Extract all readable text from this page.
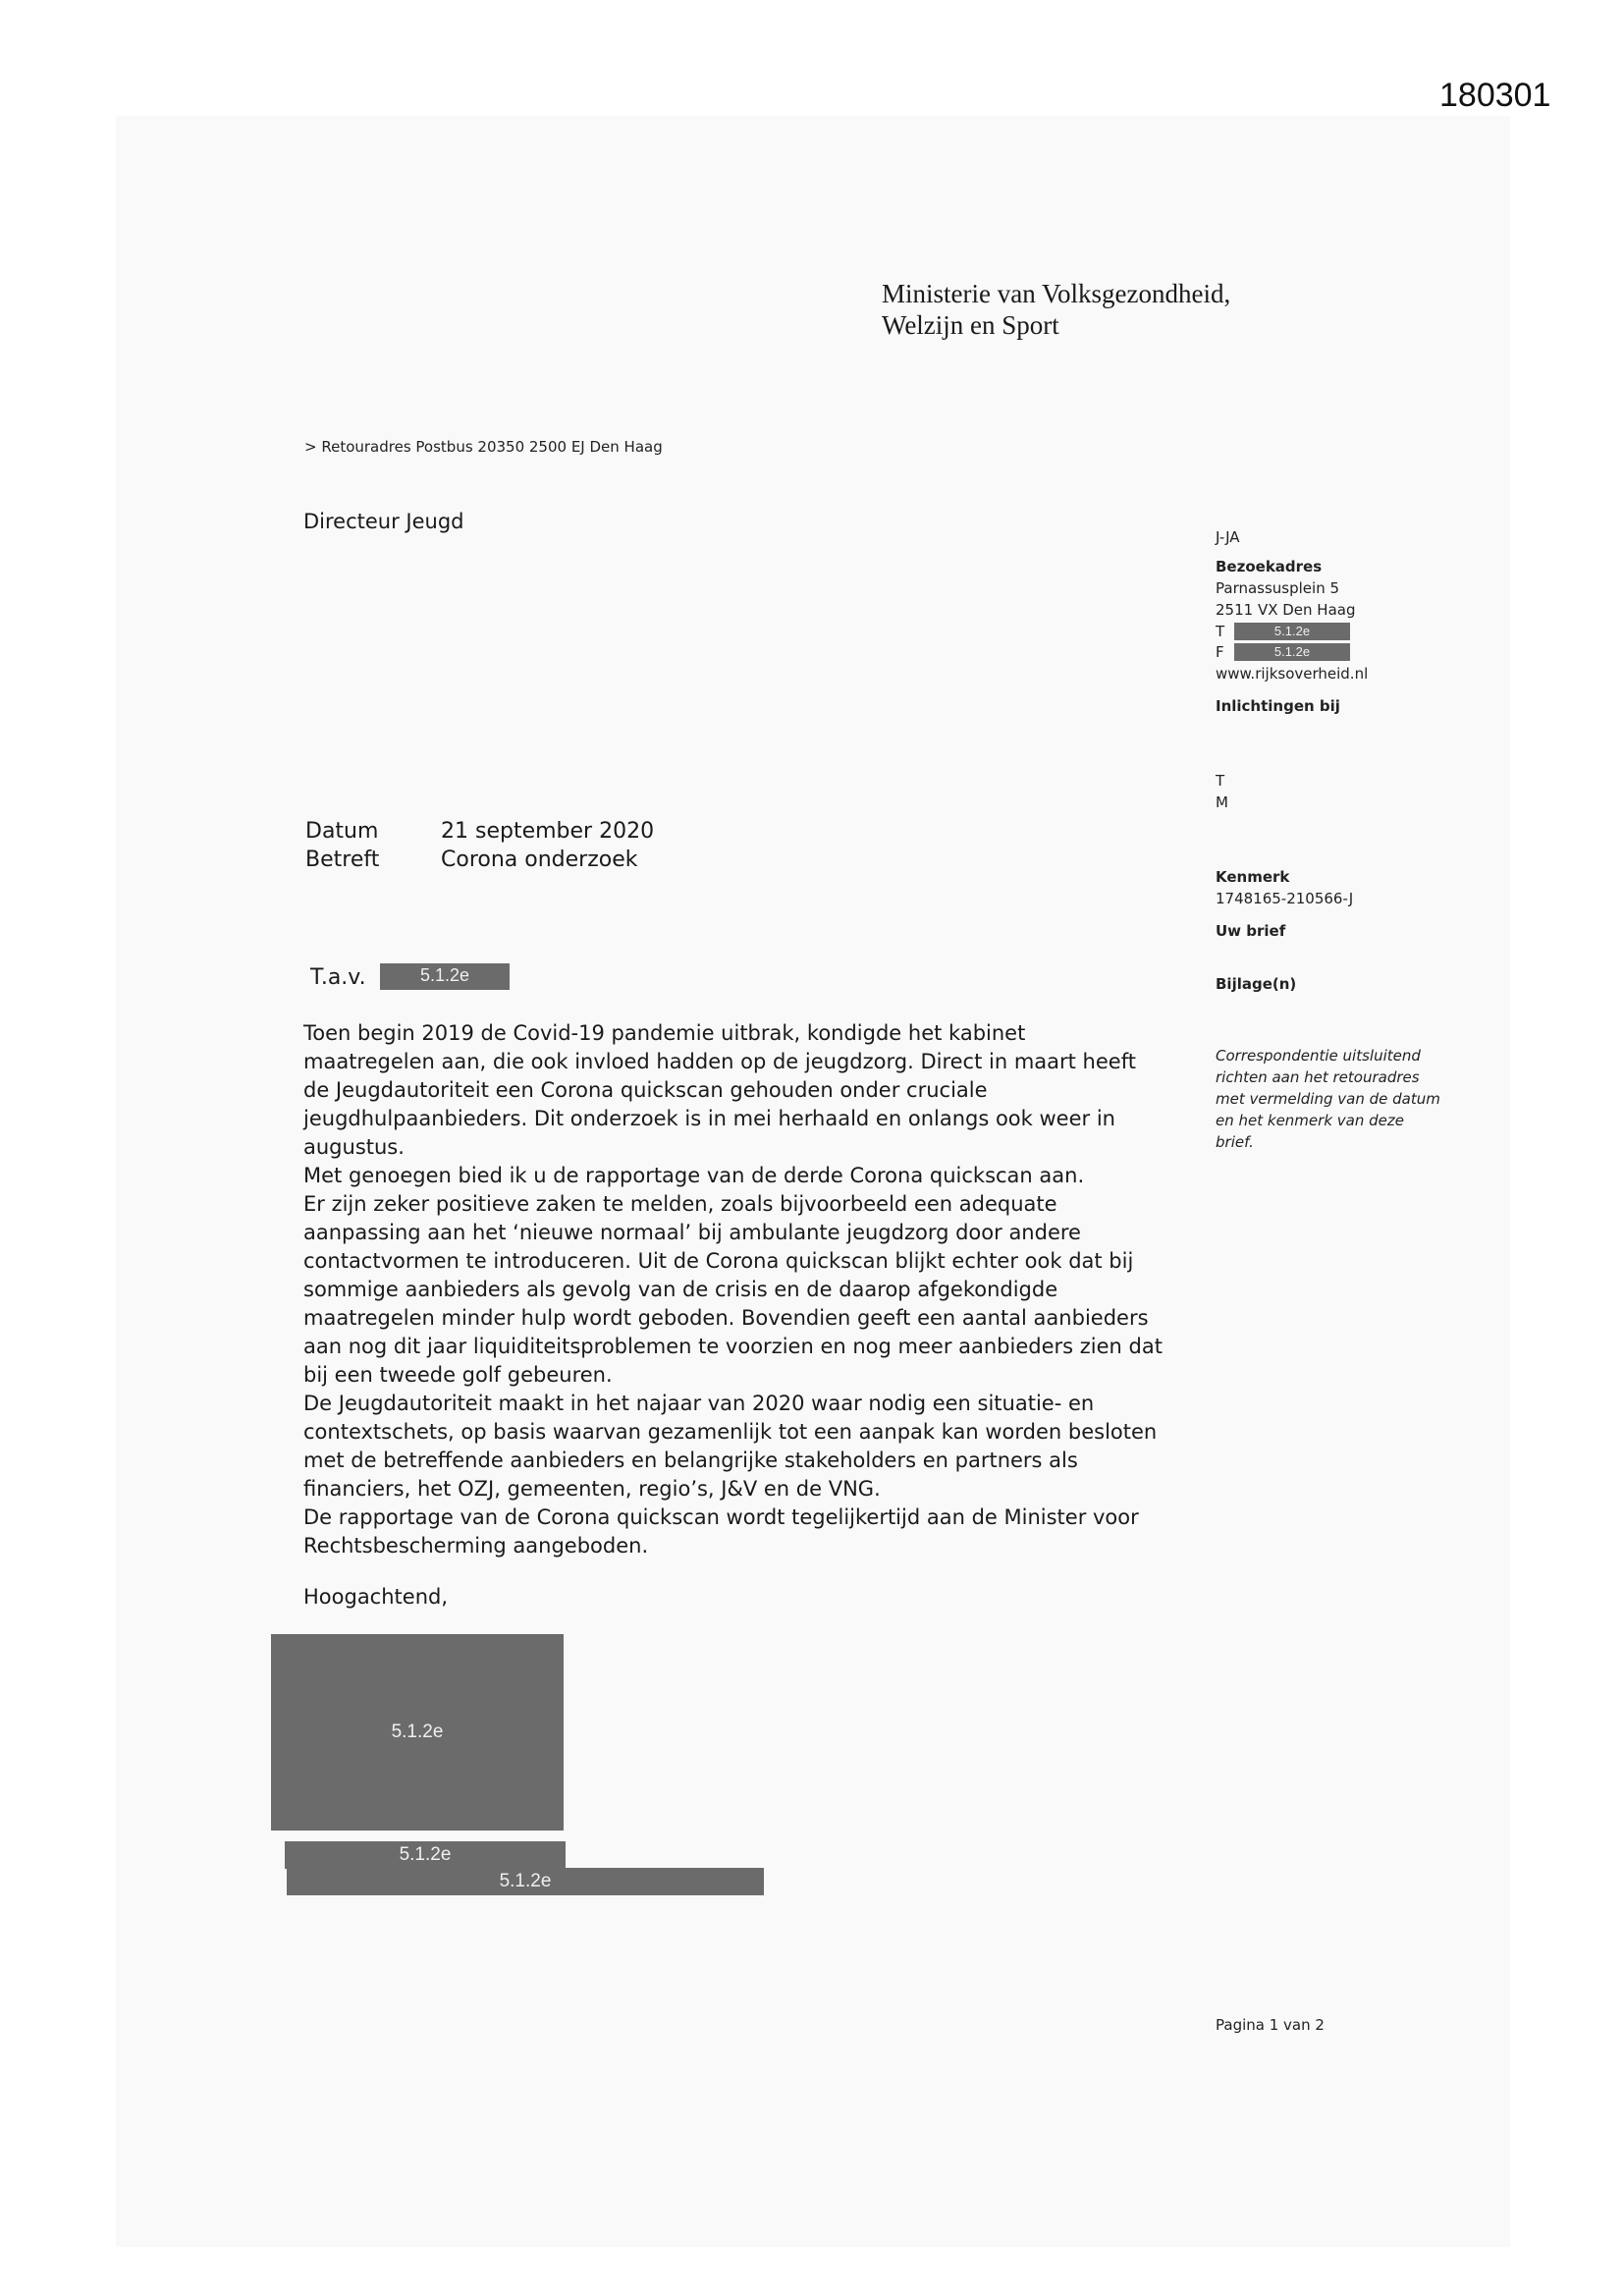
180301
Ministerie van Volksgezondheid,
Welzijn en Sport
> Retouradres Postbus 20350 2500 EJ Den Haag
Directeur Jeugd
J-JA
Bezoekadres
Parnassusplein 5
2511 VX Den Haag
T	5.1.2e
F	5.1.2e
www.rijksoverheid.nl
Inlichtingen bij
T
M
Kenmerk
1748165-210566-J
Uw brief
Bijlage(n)

Correspondentie uitsluitend

richten aan het retouradres

met vermelding van de datum

en het kenmerk van deze

brief.

Datum	21 september 2020
Betreft	Corona onderzoek
T.a.v.	5.1.2e

Toen begin 2019 de Covid-19 pandemie uitbrak, kondigde het kabinet

maatregelen aan, die ook invloed hadden op de jeugdzorg. Direct in maart heeft

de Jeugdautoriteit een Corona quickscan gehouden onder cruciale

jeugdhulpaanbieders. Dit onderzoek is in mei herhaald en onlangs ook weer in

augustus.

Met genoegen bied ik u de rapportage van de derde Corona quickscan aan.

Er zijn zeker positieve zaken te melden, zoals bijvoorbeeld een adequate

aanpassing aan het ‘nieuwe normaal’ bij ambulante jeugdzorg door andere

contactvormen te introduceren. Uit de Corona quickscan blijkt echter ook dat bij

sommige aanbieders als gevolg van de crisis en de daarop afgekondigde

maatregelen minder hulp wordt geboden. Bovendien geeft een aantal aanbieders

aan nog dit jaar liquiditeitsproblemen te voorzien en nog meer aanbieders zien dat

bij een tweede golf gebeuren.

De Jeugdautoriteit maakt in het najaar van 2020 waar nodig een situatie- en

contextschets, op basis waarvan gezamenlijk tot een aanpak kan worden besloten

met de betreffende aanbieders en belangrijke stakeholders en partners als

financiers, het OZJ, gemeenten, regio’s, J&V en de VNG.

De rapportage van de Corona quickscan wordt tegelijkertijd aan de Minister voor

Rechtsbescherming aangeboden.

Hoogachtend,
5.1.2e
5.1.2e
5.1.2e
Pagina 1 van 2
